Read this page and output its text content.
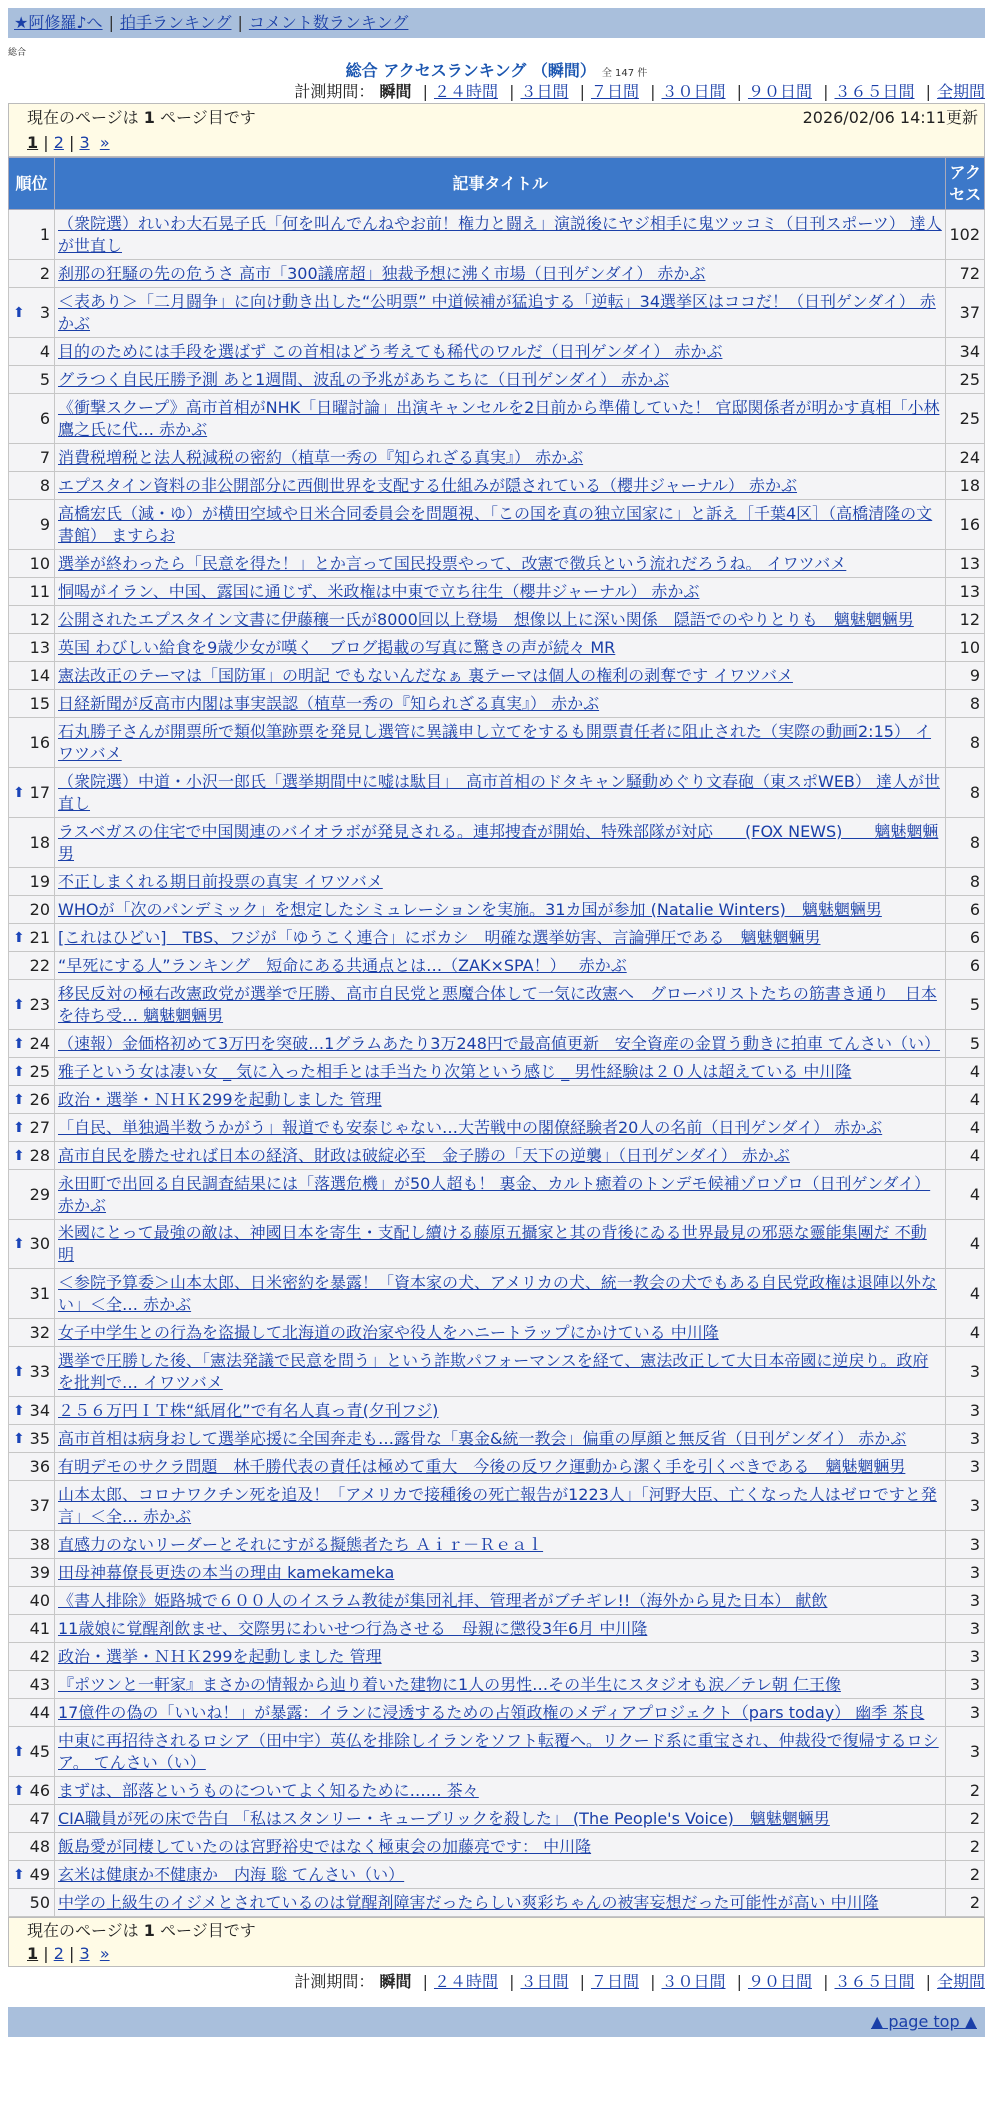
★阿修羅♪へ | 拍手ランキング | コメント数ランキング
総合
総合 アクセスランキング （瞬間） 全 147 件
計測期間： 瞬間 | ２４時間 | ３日間 | ７日間 | ３０日間 | ９０日間 | ３６５日間 | 全期間
現在のページは 1 ページ目です	2026/02/06 14:11更新
1 | 2 | 3 »
順位	記事タイトル	アクセス
1	（衆院選）れいわ大石晃子氏「何を叫んでんねやお前！権力と闘え」演説後にヤジ相手に鬼ツッコミ（日刊スポーツ） 達人が世直し	102
2	刹那の狂騒の先の危うさ 高市「300議席超」独裁予想に沸く市場（日刊ゲンダイ） 赤かぶ	72

⬆ 3	＜表あり＞「二月闘争」に向け動き出した“公明票” 中道候補が猛追する「逆転」34選挙区はココだ！（日刊ゲンダイ） 赤かぶ	37
4	目的のためには手段を選ばず この首相はどう考えても稀代のワルだ（日刊ゲンダイ） 赤かぶ	34
5	グラつく自民圧勝予測 あと1週間、波乱の予兆があちこちに（日刊ゲンダイ） 赤かぶ	25
6	《衝撃スクープ》高市首相がNHK「日曜討論」出演キャンセルを2日前から準備していた！ 官邸関係者が明かす真相「小林鷹之氏に代… 赤かぶ	25
7	消費税増税と法人税減税の密約（植草一秀の『知られざる真実』） 赤かぶ	24
8	エプスタイン資料の非公開部分に西側世界を支配する仕組みが隠されている（櫻井ジャーナル） 赤かぶ	18
9	高橋宏氏（減・ゆ）が横田空域や日米合同委員会を問題視、「この国を真の独立国家に」と訴え［千葉4区］（高橋清隆の文書館） ますらお	16
10	選挙が終わったら「民意を得た！」とか言って国民投票やって、改憲で徴兵という流れだろうね。 イワツバメ	13
11	恫喝がイラン、中国、露国に通じず、米政権は中東で立ち往生（櫻井ジャーナル） 赤かぶ	13
12	公開されたエプスタイン文書に伊藤穰一氏が8000回以上登場　想像以上に深い関係　隠語でのやりとりも　魑魅魍魎男	12
13	英国 わびしい給食を9歳少女が嘆く　ブログ掲載の写真に驚きの声が続々 MR	10
14	憲法改正のテーマは「国防軍」の明記 でもないんだなぁ 裏テーマは個人の権利の剥奪です イワツバメ	9
15	日経新聞が反高市内閣は事実誤認（植草一秀の『知られざる真実』） 赤かぶ	8
16	石丸勝子さんが開票所で類似筆跡票を発見し選管に異議申し立てをするも開票責任者に阻止された（実際の動画2:15） イワツバメ	8

⬆ 17	（衆院選）中道・小沢一郎氏「選挙期間中に嘘は駄目」　高市首相のドタキャン騒動めぐり文春砲（東スポWEB） 達人が世直し	8
18	ラスベガスの住宅で中国関連のバイオラボが発見される。連邦捜査が開始、特殊部隊が対応　　(FOX NEWS)　　魑魅魍魎男	8
19	不正しまくれる期日前投票の真実 イワツバメ	8
20	WHOが「次のパンデミック」を想定したシミュレーションを実施。31カ国が参加 (Natalie Winters)　魑魅魍魎男	6

⬆ 21	[これはひどい]　TBS、フジが「ゆうこく連合」にボカシ　明確な選挙妨害、言論弾圧である　魑魅魍魎男	6
22	“早死にする人”ランキング　短命にある共通点とは…（ZAK×SPA！）　 赤かぶ	6

⬆ 23	移民反対の極右改憲政党が選挙で圧勝、高市自民党と悪魔合体して一気に改憲へ　グローバリストたちの筋書き通り　日本を待ち受… 魑魅魍魎男	5

⬆ 24	（速報）金価格初めて3万円を突破…1グラムあたり3万248円で最高値更新　安全資産の金買う動きに拍車 てんさい（い）	5

⬆ 25	雅子という女は凄い女 _ 気に入った相手とは手当たり次第という感じ _ 男性経験は２０人は超えている 中川隆	4

⬆ 26	政治・選挙・ＮＨＫ299を起動しました 管理	4

⬆ 27	「自民、単独過半数うかがう」報道でも安泰じゃない…大苦戦中の閣僚経験者20人の名前（日刊ゲンダイ） 赤かぶ	4

⬆ 28	高市自民を勝たせれば日本の経済、財政は破綻必至　金子勝の「天下の逆襲」（日刊ゲンダイ） 赤かぶ	4
29	永田町で出回る自民調査結果には「落選危機」が50人超も！ 裏金、カルト癒着のトンデモ候補ゾロゾロ（日刊ゲンダイ） 赤かぶ	4

⬆ 30	米國にとって最強の敵は、神國日本を寄生・支配し續ける藤原五攝家と其の背後にゐる世界最見の邪惡な靈能集團だ 不動明	4
31	＜参院予算委＞山本太郎、日米密約を暴露！「資本家の犬、アメリカの犬、統一教会の犬でもある自民党政権は退陣以外ない」＜全… 赤かぶ	4
32	女子中学生との行為を盗撮して北海道の政治家や役人をハニートラップにかけている 中川隆	4

⬆ 33	選挙で圧勝した後、「憲法発議で民意を問う」という詐欺パフォーマンスを経て、憲法改正して大日本帝國に逆戻り。政府を批判で… イワツバメ	3

⬆ 34	２５６万円ＩＴ株“紙屑化”で有名人真っ青(夕刊フジ)	3

⬆ 35	高市首相は病身おして選挙応援に全国奔走も…露骨な「裏金&統一教会」偏重の厚顔と無反省（日刊ゲンダイ） 赤かぶ	3
36	有明デモのサクラ問題　林千勝代表の責任は極めて重大　今後の反ワク運動から潔く手を引くべきである　魑魅魍魎男	3
37	山本太郎、コロナワクチン死を追及！「アメリカで接種後の死亡報告が1223人」「河野大臣、亡くなった人はゼロですと発言」＜全… 赤かぶ	3
38	直感力のないリーダーとそれにすがる擬態者たち Ａｉｒ－Ｒｅａｌ	3
39	田母神幕僚長更迭の本当の理由 kamekameka	3
40	《書人排除》姫路城で６００人のイスラム教徒が集団礼拝、管理者がブチギレ!!（海外から見た日本） 献飲	3
41	11歳娘に覚醒剤飲ませ、交際男にわいせつ行為させる　母親に懲役3年6月 中川隆	3
42	政治・選挙・ＮＨＫ299を起動しました 管理	3
43	『ポツンと一軒家』まさかの情報から辿り着いた建物に1人の男性…その半生にスタジオも涙／テレ朝 仁王像	3
44	17億件の偽の「いいね！」が暴露：イランに浸透するための占領政権のメディアプロジェクト（pars today） 幽季 茶良	3

⬆ 45	中東に再招待されるロシア（田中宇）英仏を排除しイランをソフト転覆へ。リクード系に重宝され、仲裁役で復帰するロシア。 てんさい（い）	3

⬆ 46	まずは、部落というものについてよく知るために…… 茶々	2
47	CIA職員が死の床で告白 「私はスタンリー・キューブリックを殺した」 (The People's Voice)　魑魅魍魎男	2
48	飯島愛が同棲していたのは宮野裕史ではなく極東会の加藤亮です： 中川隆	2

⬆ 49	玄米は健康か不健康か　内海 聡 てんさい（い）	2
50	中学の上級生のイジメとされているのは覚醒剤障害だったらしい爽彩ちゃんの被害妄想だった可能性が高い 中川隆	2
現在のページは 1 ページ目です
1 | 2 | 3 »
計測期間： 瞬間 | ２４時間 | ３日間 | ７日間 | ３０日間 | ９０日間 | ３６５日間 | 全期間
▲ page top ▲
